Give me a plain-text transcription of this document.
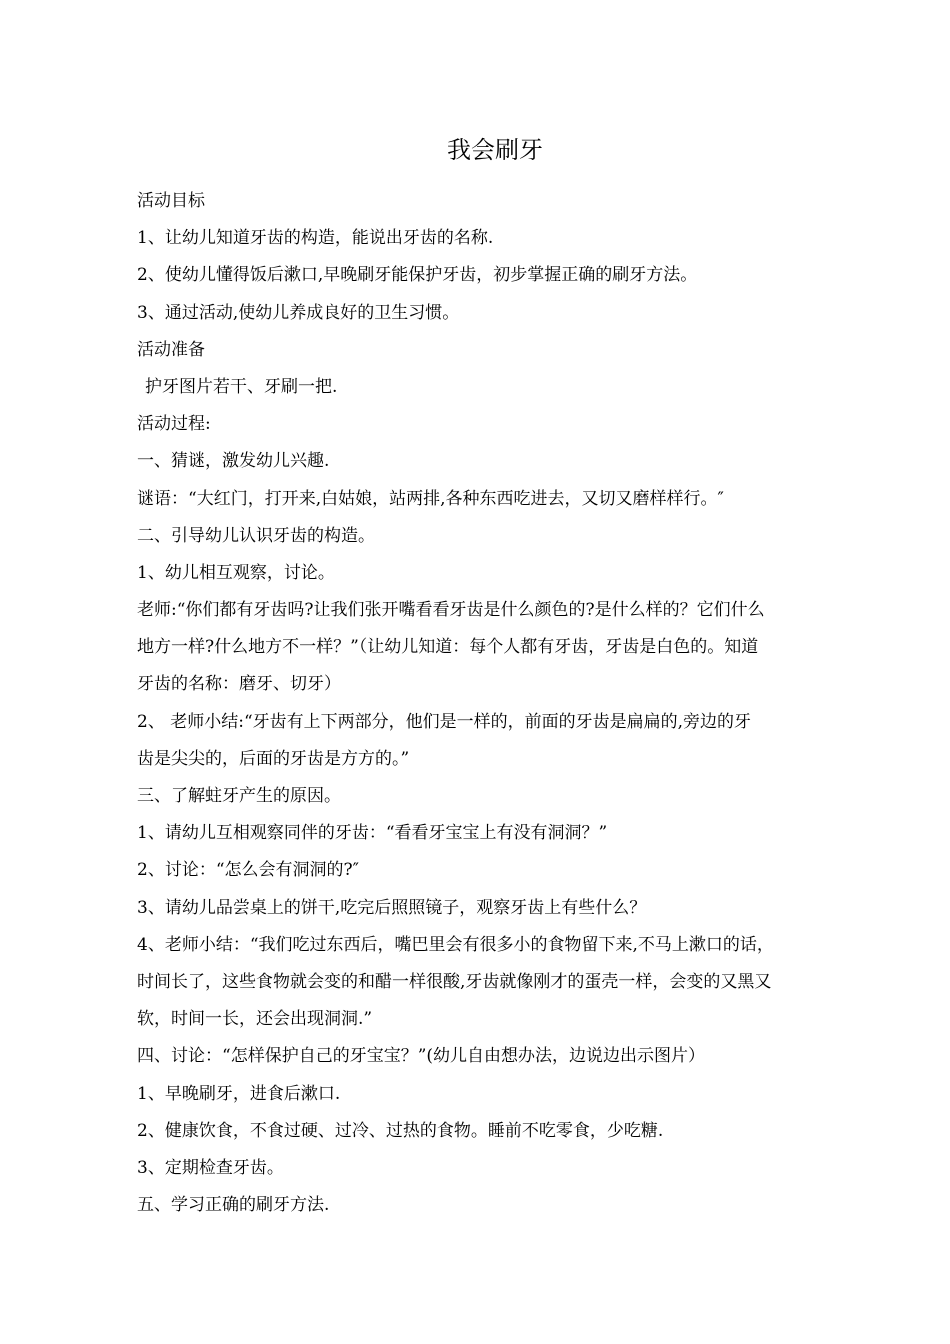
我会刷牙

活动目标

1、让幼儿知道牙齿的构造，能说出牙齿的名称.

2、使幼儿懂得饭后漱口,早晚刷牙能保护牙齿，初步掌握正确的刷牙方法。

3、通过活动,使幼儿养成良好的卫生习惯。

活动准备

护牙图片若干、牙刷一把.

活动过程:

一、猜谜，激发幼儿兴趣.

谜语：“大红门，打开来,白姑娘，站两排,各种东西吃进去，又切又磨样样行。″

二、引导幼儿认识牙齿的构造。

1、幼儿相互观察，讨论。

老师:“你们都有牙齿吗?让我们张开嘴看看牙齿是什么颜色的?是什么样的？它们什么

地方一样?什么地方不一样？”（让幼儿知道：每个人都有牙齿，牙齿是白色的。知道

牙齿的名称：磨牙、切牙）

2、 老师小结:“牙齿有上下两部分，他们是一样的，前面的牙齿是扁扁的,旁边的牙

齿是尖尖的，后面的牙齿是方方的。”

三、了解蛀牙产生的原因。

1、请幼儿互相观察同伴的牙齿：“看看牙宝宝上有没有洞洞？”

2、讨论：“怎么会有洞洞的?″

3、请幼儿品尝桌上的饼干,吃完后照照镜子，观察牙齿上有些什么？

4、老师小结：“我们吃过东西后，嘴巴里会有很多小的食物留下来,不马上漱口的话，

时间长了，这些食物就会变的和醋一样很酸,牙齿就像刚才的蛋壳一样，会变的又黑又

软，时间一长，还会出现洞洞.”

四、讨论：“怎样保护自己的牙宝宝？”(幼儿自由想办法，边说边出示图片）

1、早晚刷牙，进食后漱口.

2、健康饮食，不食过硬、过冷、过热的食物。睡前不吃零食，少吃糖.

3、定期检查牙齿。

五、学习正确的刷牙方法.
